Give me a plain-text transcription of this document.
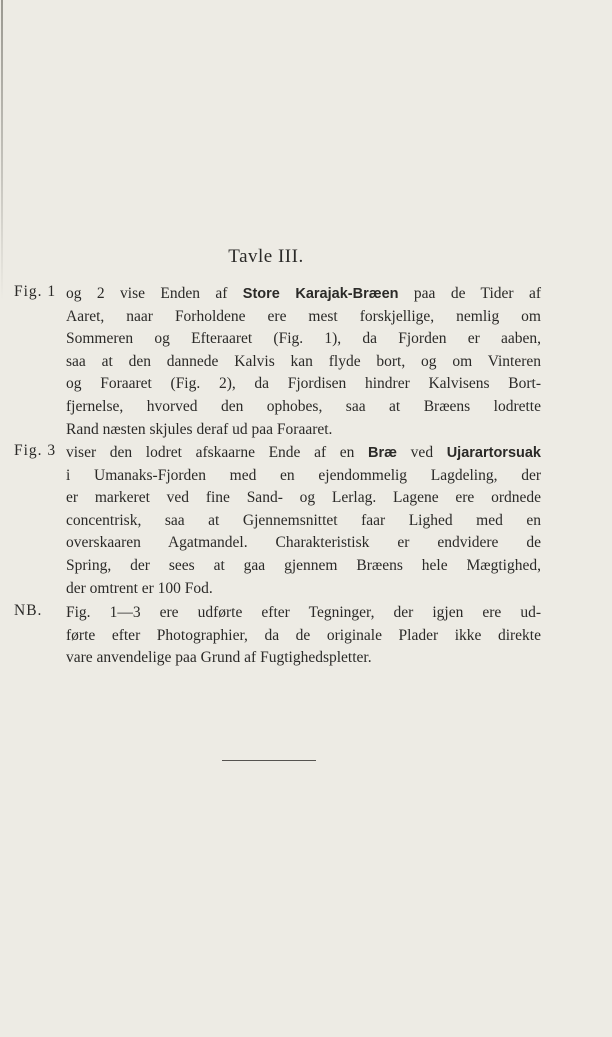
Tavle III.
Fig. 1 og 2 vise Enden af Store Karajak-Bræen paa de Tider af
Aaret, naar Forholdene ere mest forskjellige, nemlig om
Sommeren og Efteraaret (Fig. 1), da Fjorden er aaben,
saa at den dannede Kalvis kan flyde bort, og om Vinteren
og Foraaret (Fig. 2), da Fjordisen hindrer Kalvisens Bort-
fjernelse, hvorved den ophobes, saa at Bræens lodrette
Rand næsten skjules deraf ud paa Foraaret.
Fig. 3 viser den lodret afskaarne Ende af en Bræ ved Ujarartorsuak
i Umanaks-Fjorden med en ejendommelig Lagdeling, der
er markeret ved fine Sand- og Lerlag. Lagene ere ordnede
concentrisk, saa at Gjennemsnittet faar Lighed med en
overskaaren Agatmandel. Charakteristisk er endvidere de
Spring, der sees at gaa gjennem Bræens hele Mægtighed,
der omtrent er 100 Fod.
NB. Fig. 1—3 ere udførte efter Tegninger, der igjen ere ud-
førte efter Photographier, da de originale Plader ikke direkte
vare anvendelige paa Grund af Fugtighedspletter.
